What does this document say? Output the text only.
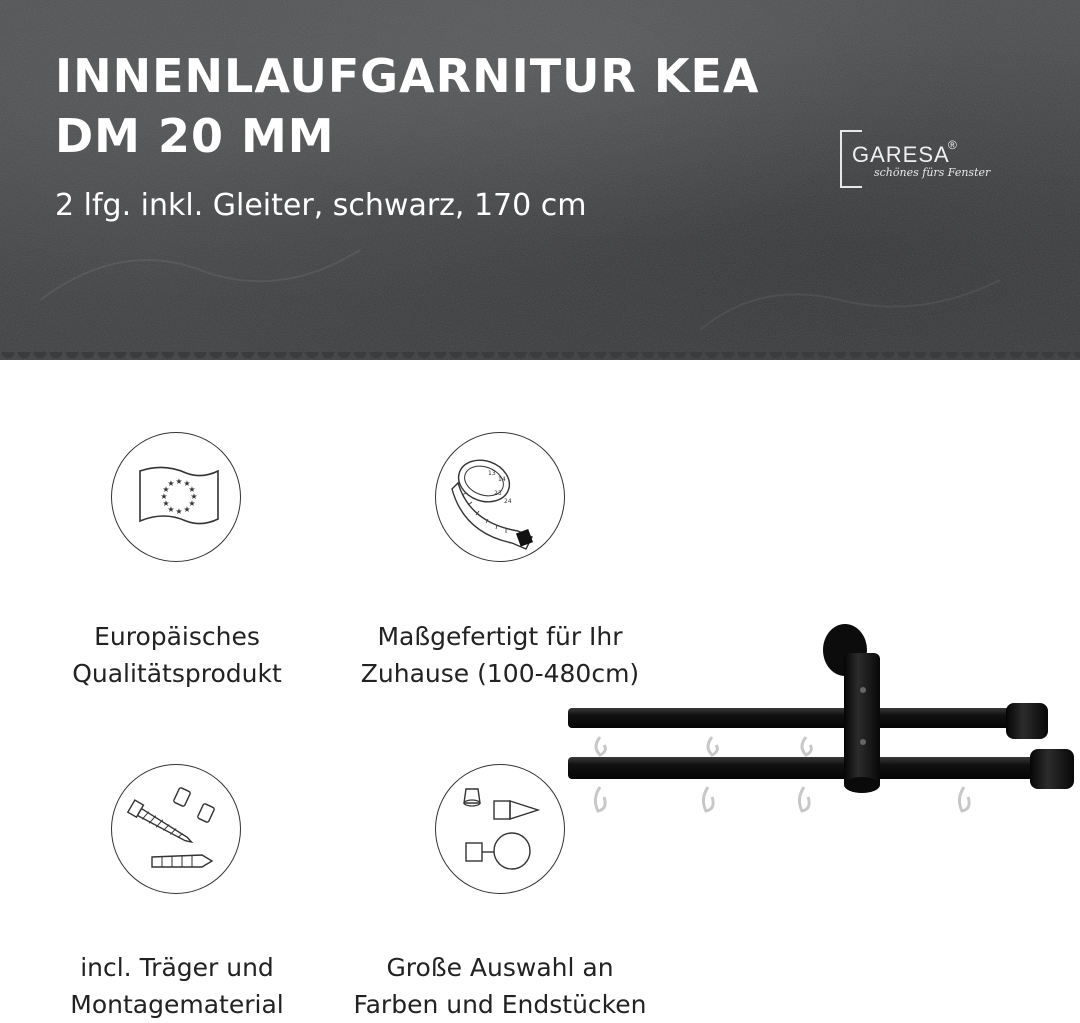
INNENLAUFGARNITUR KEA
DM 20 MM

2 lfg. inkl. Gleiter, schwarz, 170 cm

GARESA
®
schönes fürs Fenster
★ ★
★
★
★
★
★
★
★
★
★
★
Europäisches
Qualitätsprodukt
13
14
23
24
Maßgefertigt für Ihr
Zuhause (100-480cm)
incl. Träger und
Montagematerial
Große Auswahl an
Farben und Endstücken
